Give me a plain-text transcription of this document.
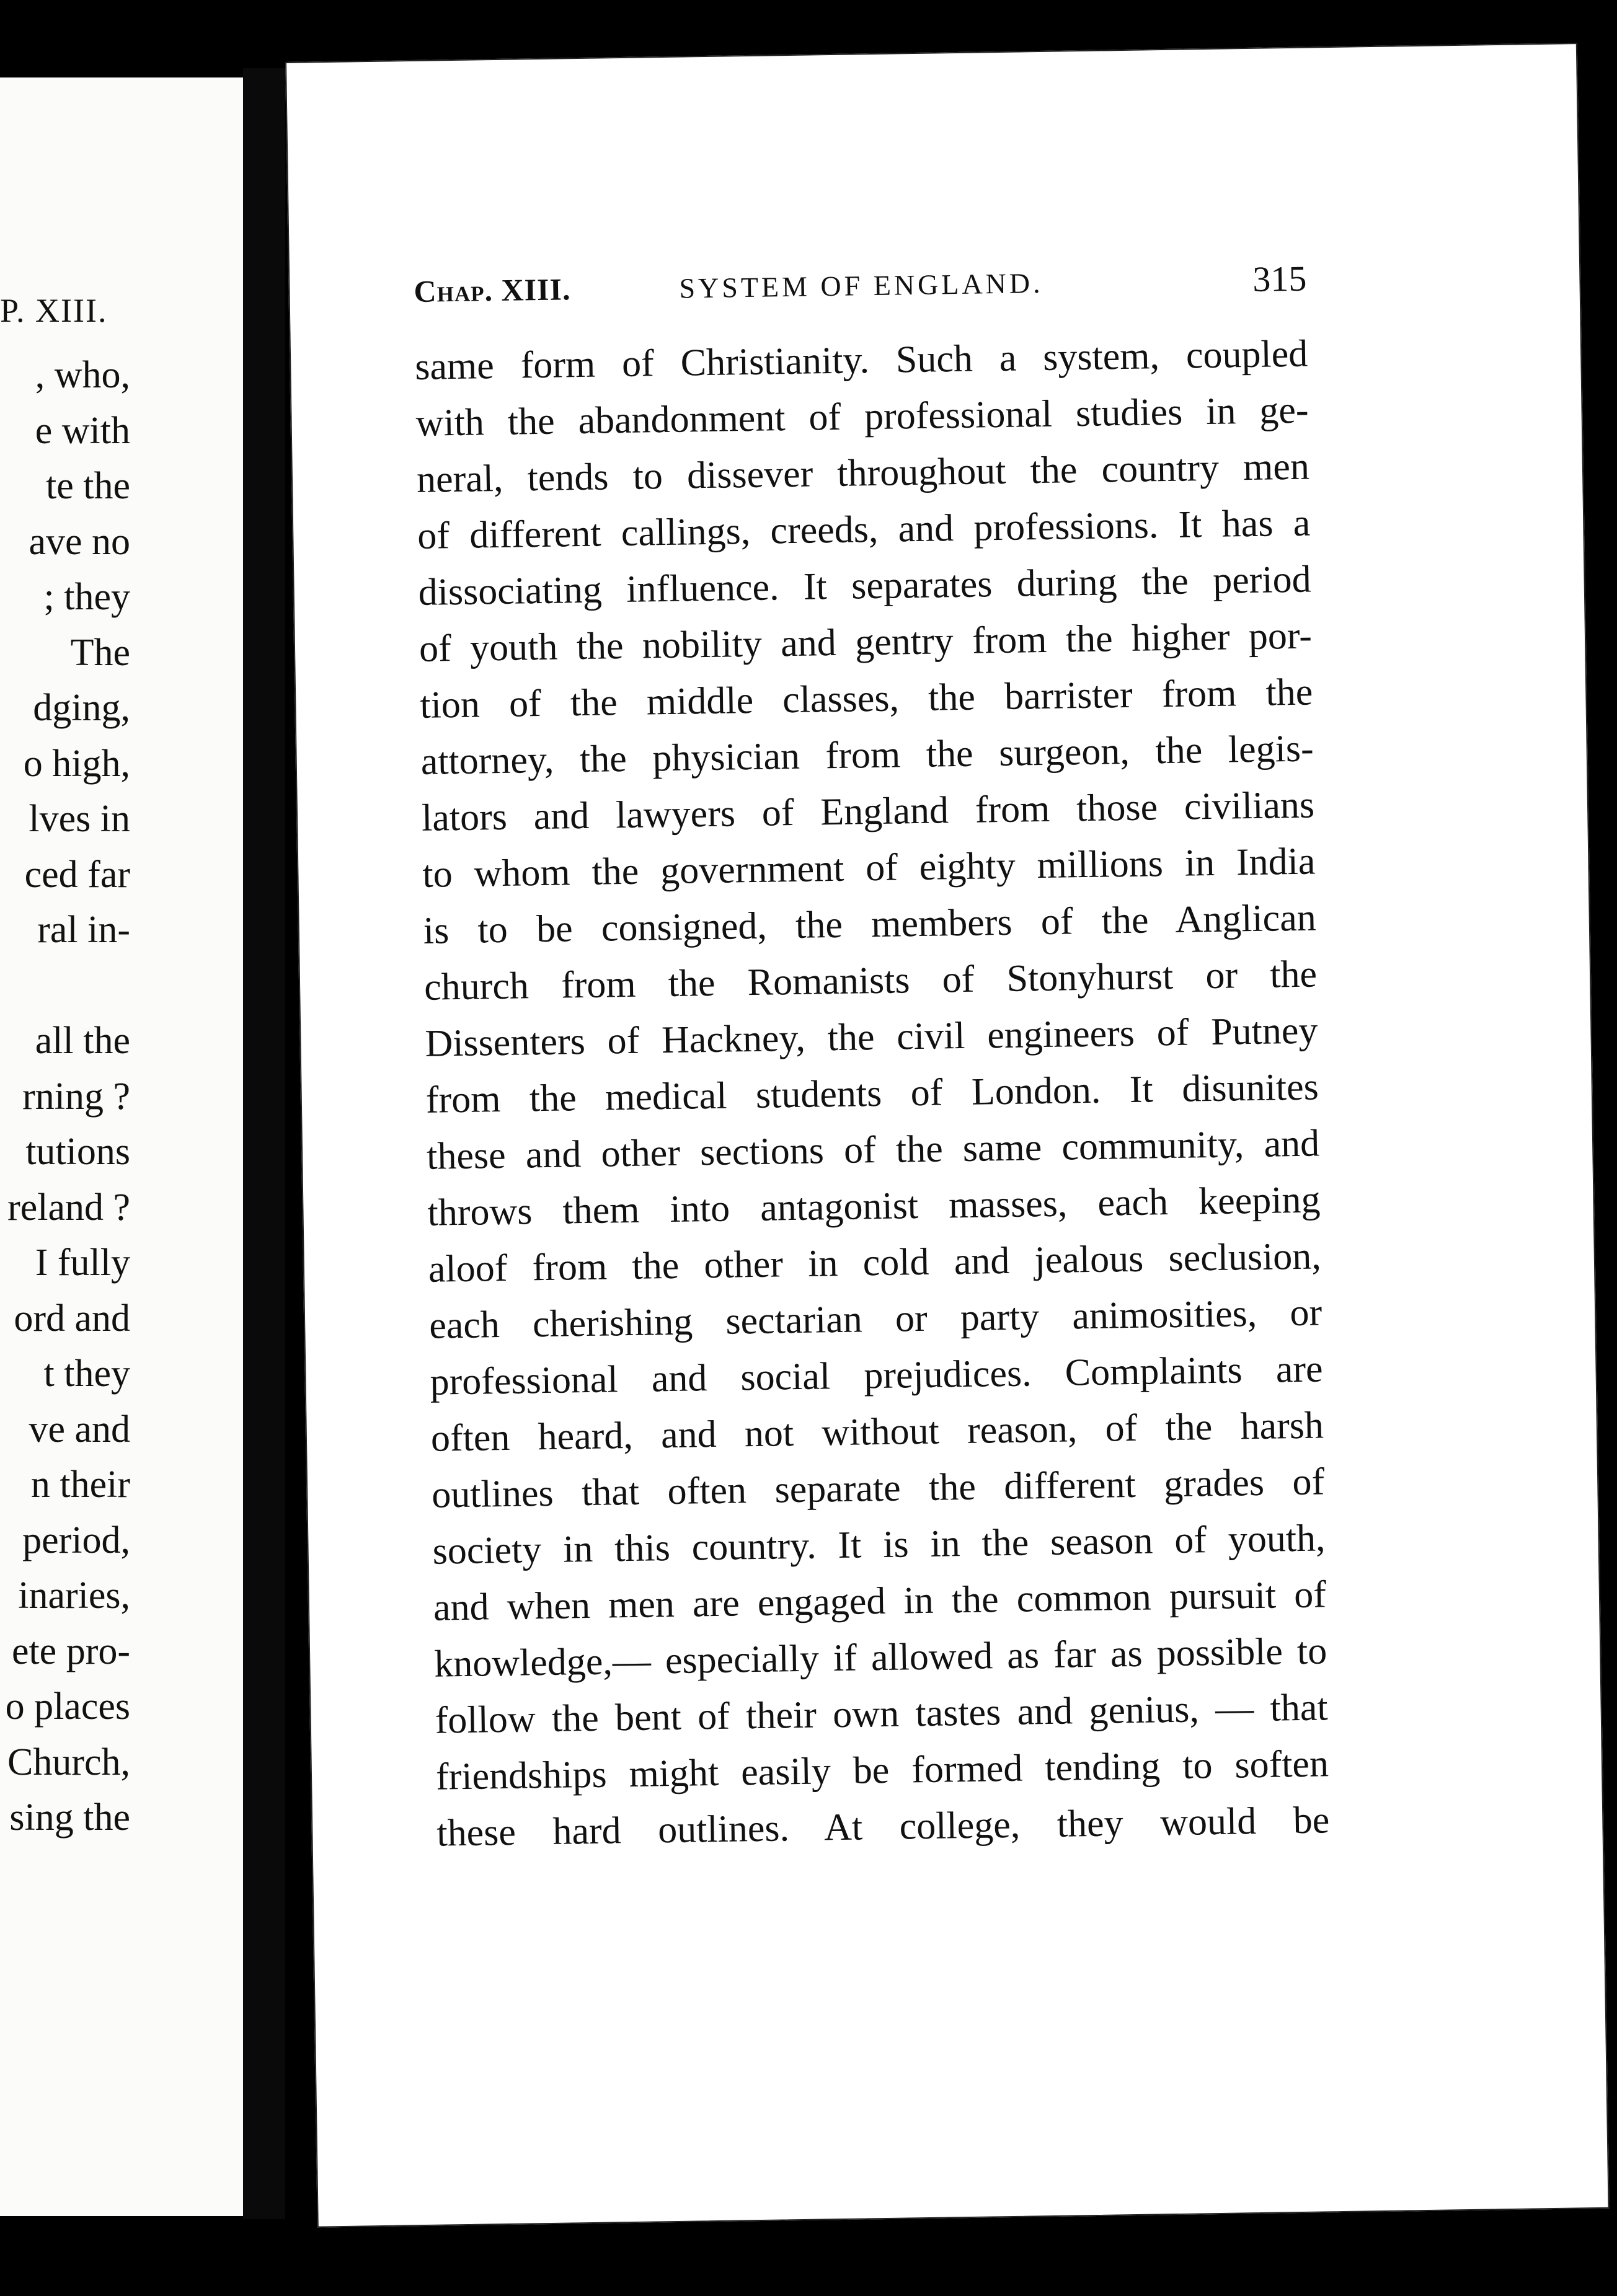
P. XIII.
, who,
e with
te the
ave no
; they
The
dging,
o high,
lves in
ced far
ral in-
all the
rning ?
tutions
reland ?
I fully
ord and
t they
ve and
n their
period,
inaries,
ete pro-
o places
Church,
sing the
Chap. XIII.	SYSTEM OF ENGLAND.	315
same form of Christianity. Such a system, coupled
with the abandonment of professional studies in ge-
neral, tends to dissever throughout the country men
of different callings, creeds, and professions. It has a
dissociating influence. It separates during the period
of youth the nobility and gentry from the higher por-
tion of the middle classes, the barrister from the
attorney, the physician from the surgeon, the legis-
lators and lawyers of England from those civilians
to whom the government of eighty millions in India
is to be consigned, the members of the Anglican
church from the Romanists of Stonyhurst or the
Dissenters of Hackney, the civil engineers of Putney
from the medical students of London. It disunites
these and other sections of the same community, and
throws them into antagonist masses, each keeping
aloof from the other in cold and jealous seclusion,
each cherishing sectarian or party animosities, or
professional and social prejudices. Complaints are
often heard, and not without reason, of the harsh
outlines that often separate the different grades of
society in this country. It is in the season of youth,
and when men are engaged in the common pursuit of
knowledge,— especially if allowed as far as possible to
follow the bent of their own tastes and genius, — that
friendships might easily be formed tending to soften
these hard outlines. At college, they would be
